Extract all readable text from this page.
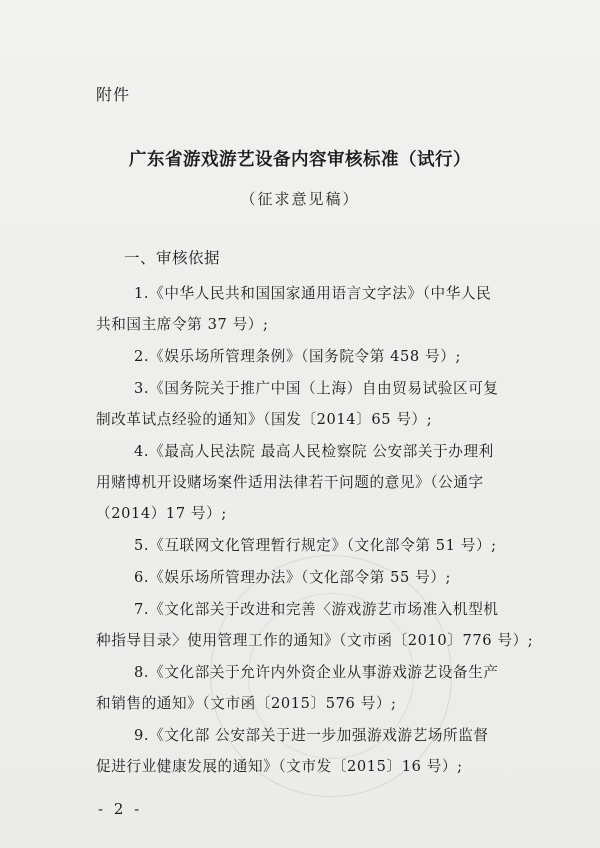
附件
广东省游戏游艺设备内容审核标准（试行）
（征求意见稿）
一、审核依据
1.《中华人民共和国国家通用语言文字法》（中华人民
共和国主席令第 37 号）;
2.《娱乐场所管理条例》（国务院令第 458 号）;
3.《国务院关于推广中国（上海）自由贸易试验区可复
制改革试点经验的通知》（国发〔2014〕65 号）;
4.《最高人民法院 最高人民检察院 公安部关于办理利
用赌博机开设赌场案件适用法律若干问题的意见》（公通字
（2014）17 号）;
5.《互联网文化管理暂行规定》（文化部令第 51 号）;
6.《娱乐场所管理办法》（文化部令第 55 号）;
7.《文化部关于改进和完善〈游戏游艺市场准入机型机
种指导目录〉使用管理工作的通知》（文市函〔2010〕776 号）;
8.《文化部关于允许内外资企业从事游戏游艺设备生产
和销售的通知》（文市函〔2015〕576 号）;
9.《文化部 公安部关于进一步加强游戏游艺场所监督
促进行业健康发展的通知》（文市发〔2015〕16 号）;
- 2 -
